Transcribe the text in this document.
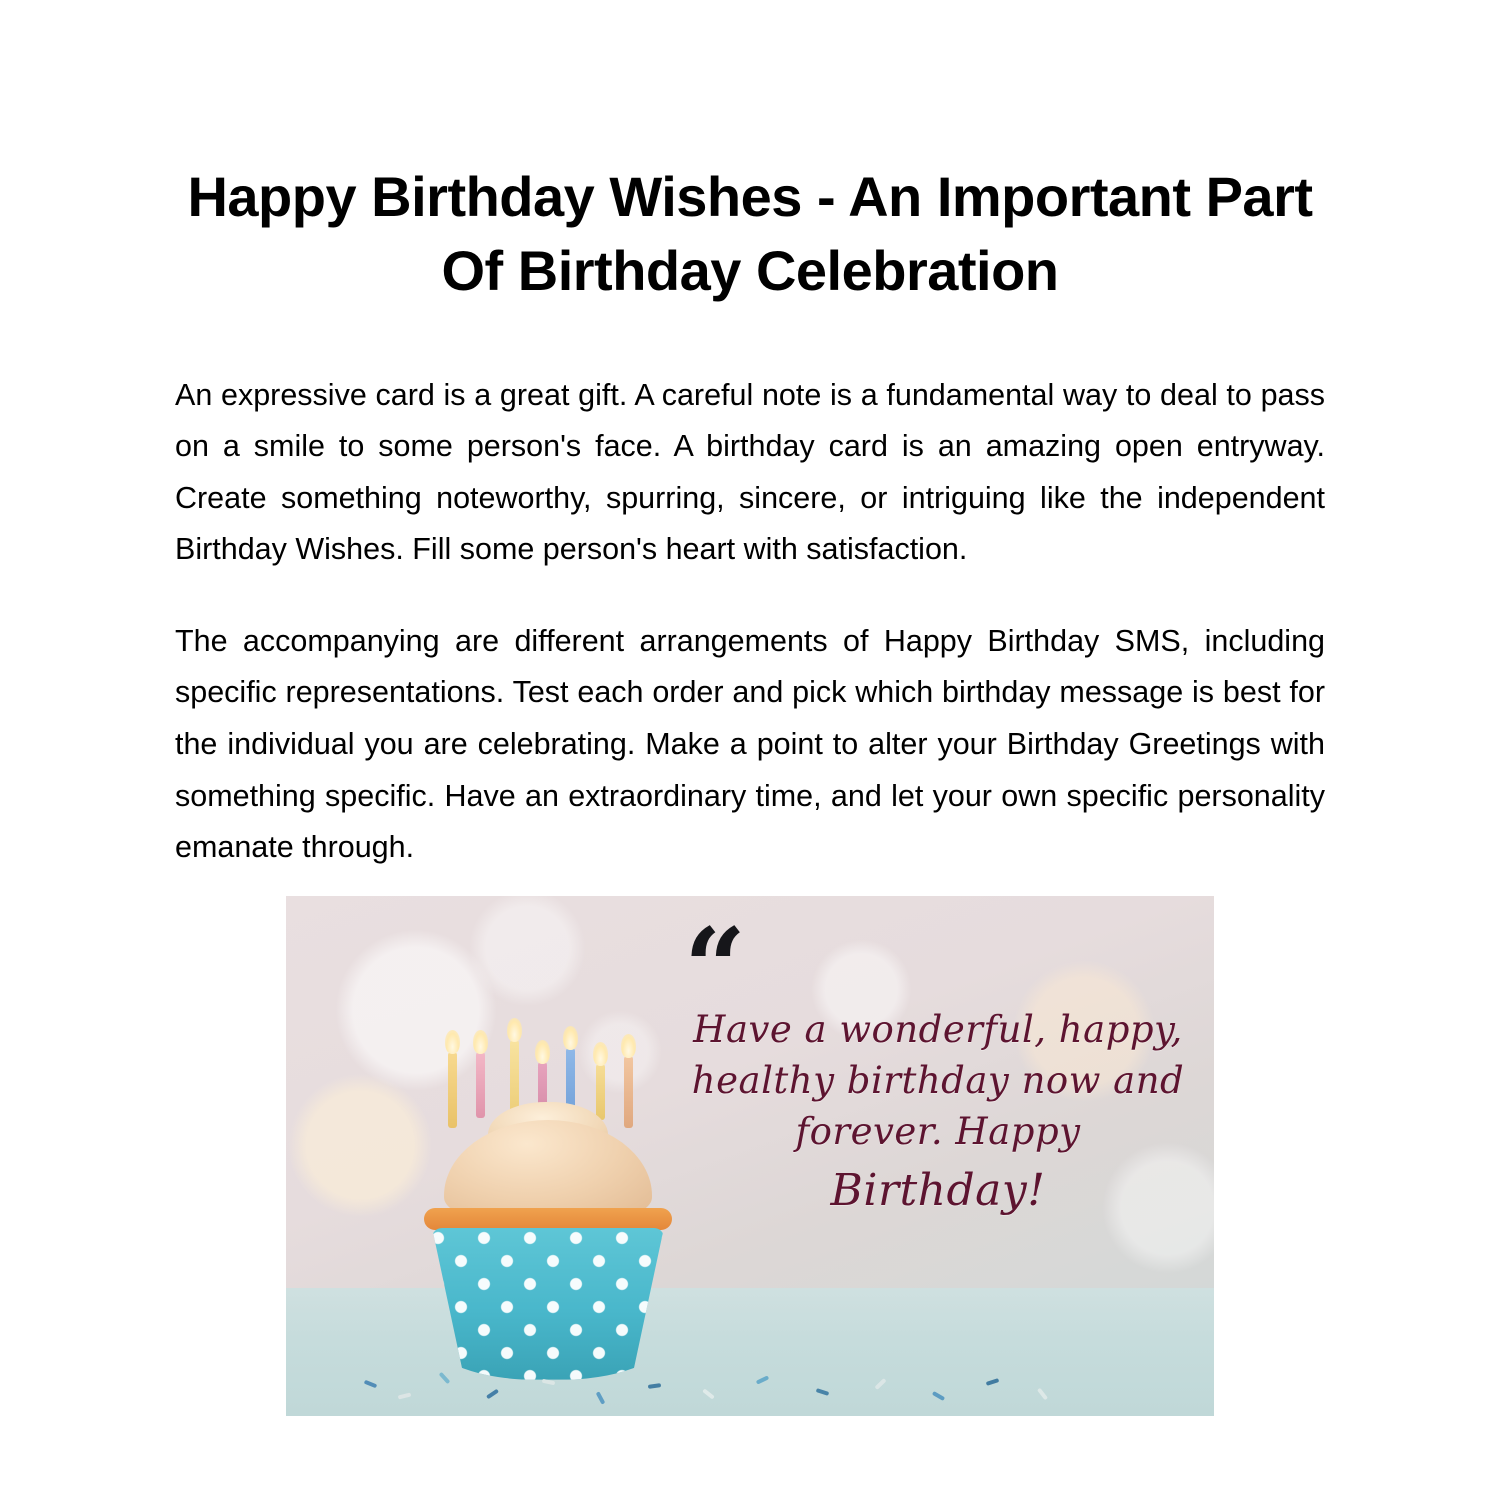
Happy Birthday Wishes - An Important Part Of Birthday Celebration

An expressive card is a great gift. A careful note is a fundamental way to deal to pass on a smile to some person's face. A birthday card is an amazing open entryway. Create something noteworthy, spurring, sincere, or intriguing like the independent Birthday Wishes. Fill some person's heart with satisfaction.

The accompanying are different arrangements of Happy Birthday SMS, including specific representations. Test each order and pick which birthday message is best for the individual you are celebrating. Make a point to alter your Birthday Greetings with something specific. Have an extraordinary time, and let your own specific personality emanate through.

“
Have a wonderful, happy, healthy birthday now and forever. Happy
Birthday!
